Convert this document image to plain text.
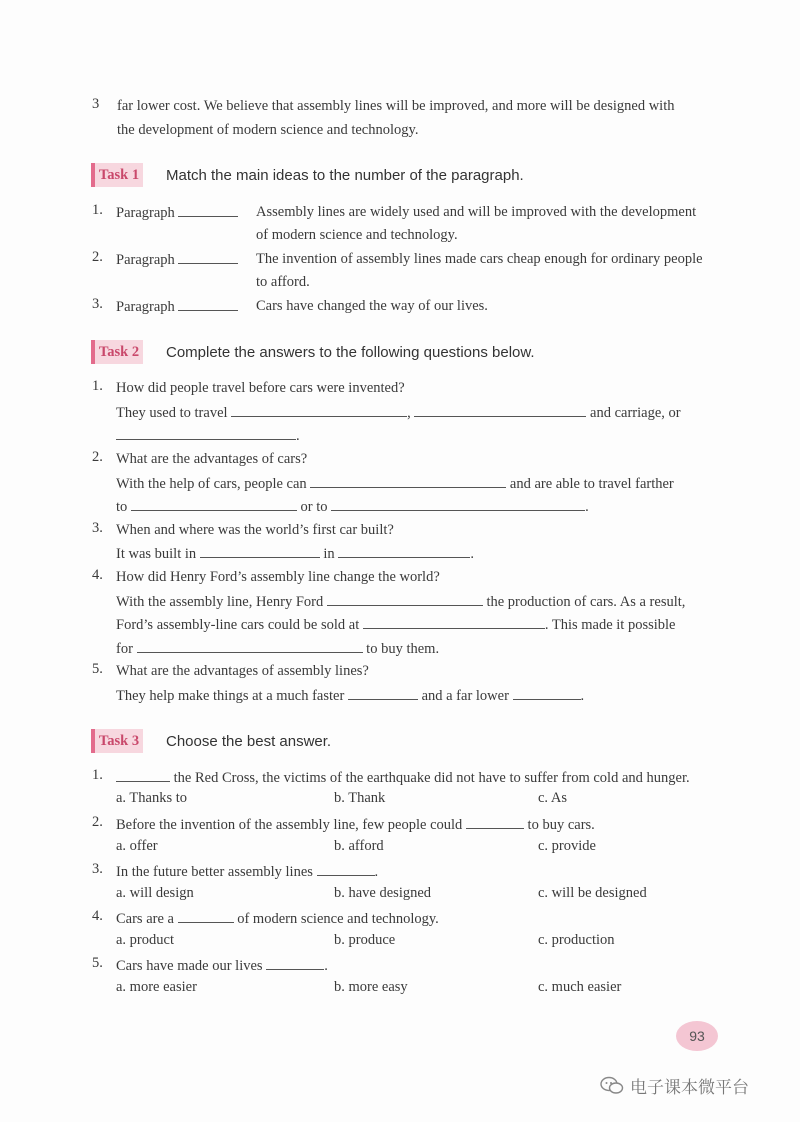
3 far lower cost. We believe that assembly lines will be improved, and more will be designed with
the development of modern science and technology.
Task 1 Match the main ideas to the number of the paragraph.
1. Paragraph	Assembly lines are widely used and will be improved with the development
of modern science and technology.
2. Paragraph	The invention of assembly lines made cars cheap enough for ordinary people
to afford.
3. Paragraph	Cars have changed the way of our lives.
Task 2 Complete the answers to the following questions below.
1. How did people travel before cars were invented?
They used to travel	,	and carriage, or
.
2. What are the advantages of cars?
With the help of cars, people can	and are able to travel farther
to	or to	.
3. When and where was the world’s first car built?
It was built in	in	.
4. How did Henry Ford’s assembly line change the world?
With the assembly line, Henry Ford	the production of cars. As a result,
Ford’s assembly-line cars could be sold at	. This made it possible
for	to buy them.
5. What are the advantages of assembly lines?
They help make things at a much faster	and a far lower	.
Task 3 Choose the best answer.
1.	the Red Cross, the victims of the earthquake did not have to suffer from cold and hunger.
a. Thanks to	b. Thank	c. As
2. Before the invention of the assembly line, few people could	to buy cars.
a. offer	b. afford	c. provide
3. In the future better assembly lines	.
a. will design	b. have designed	c. will be designed
4. Cars are a	of modern science and technology.
a. product	b. produce	c. production
5. Cars have made our lives	.
a. more easier	b. more easy	c. much easier
93
电子课本微平台
